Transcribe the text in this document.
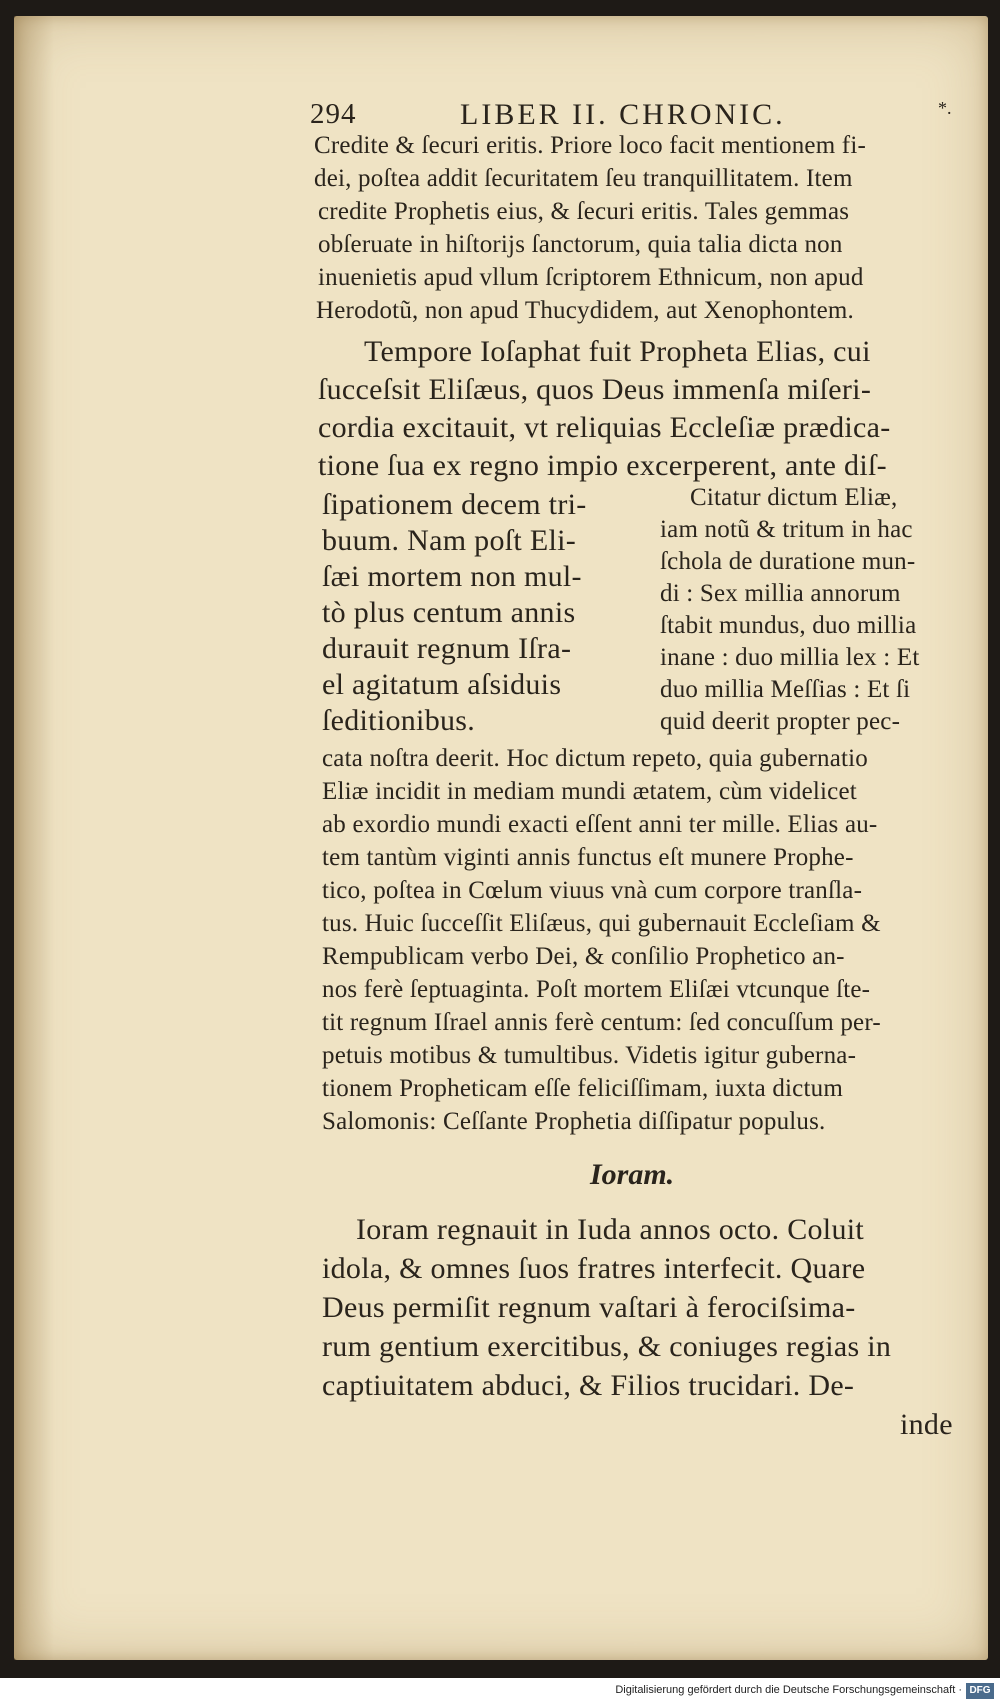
294	LIBER II. CHRONIC.	*.
Credite & ſecuri eritis. Priore loco facit mentionem fi-
dei, poſtea addit ſecuritatem ſeu tranquillitatem. Item
credite Prophetis eius, & ſecuri eritis. Tales gemmas
obſeruate in hiſtorijs ſanctorum, quia talia dicta non
inuenietis apud vllum ſcriptorem Ethnicum, non apud
Herodotũ, non apud Thucydidem, aut Xenophontem.
Tempore Ioſaphat fuit Propheta Elias, cui
ſucceſsit Eliſæus, quos Deus immenſa miſeri-
cordia excitauit, vt reliquias Eccleſiæ prædica-
tione ſua ex regno impio excerperent, ante diſ-
ſipationem decem tri-
buum. Nam poſt Eli-
ſæi mortem non mul-
tò plus centum annis
durauit regnum Iſra-
el agitatum aſsiduis
ſeditionibus.
Citatur dictum Eliæ,
iam notũ & tritum in hac
ſchola de duratione mun-
di : Sex millia annorum
ſtabit mundus, duo millia
inane : duo millia lex : Et
duo millia Meſſias : Et ſi
quid deerit propter pec-
cata noſtra deerit. Hoc dictum repeto, quia gubernatio
Eliæ incidit in mediam mundi ætatem, cùm videlicet
ab exordio mundi exacti eſſent anni ter mille. Elias au-
tem tantùm viginti annis functus eſt munere Prophe-
tico, poſtea in Cœlum viuus vnà cum corpore tranſla-
tus. Huic ſucceſſit Eliſæus, qui gubernauit Eccleſiam &
Rempublicam verbo Dei, & conſilio Prophetico an-
nos ferè ſeptuaginta. Poſt mortem Eliſæi vtcunque ſte-
tit regnum Iſrael annis ferè centum: ſed concuſſum per-
petuis motibus & tumultibus. Videtis igitur guberna-
tionem Propheticam eſſe feliciſſimam, iuxta dictum
Salomonis: Ceſſante Prophetia diſſipatur populus.
Ioram.
Ioram regnauit in Iuda annos octo. Coluit
idola, & omnes ſuos fratres interfecit. Quare
Deus permiſit regnum vaſtari à ferociſsima-
rum gentium exercitibus, & coniuges regias in
captiuitatem abduci, & Filios trucidari. De-
inde
Digitalisierung gefördert durch die Deutsche Forschungsgemeinschaft · DFG
